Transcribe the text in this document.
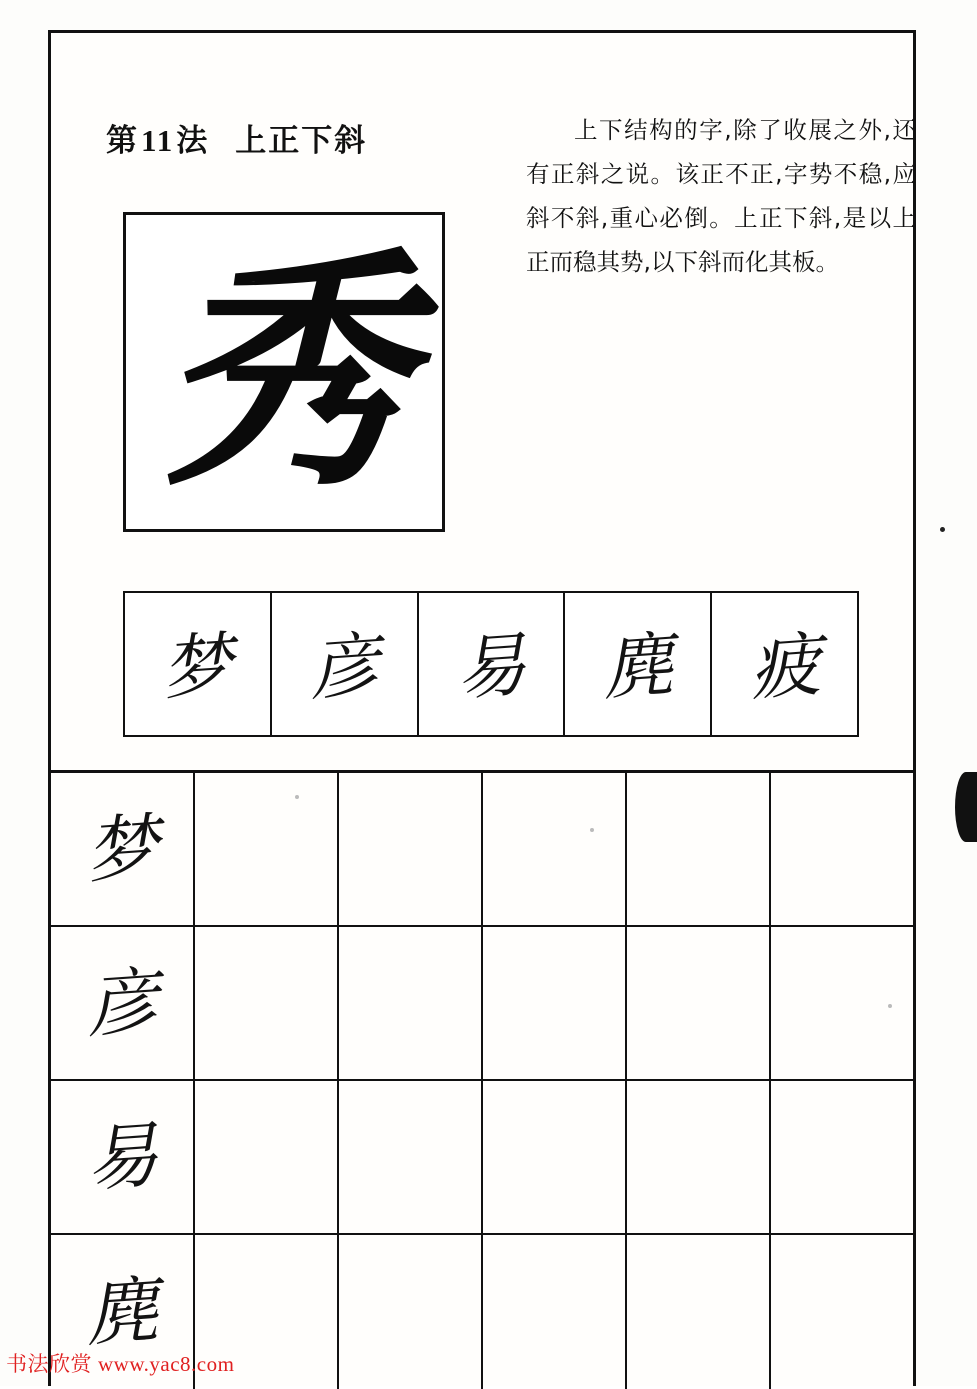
第11法 上正下斜	上下结构的字,除了收展之外,还有正斜之说。该正不正,字势不稳,应斜不斜,重心必倒。上正下斜,是以上正而稳其势,以下斜而化其板。
秀
梦 彦 易 麂 疲
梦
彦
易
麂
书法欣赏 www.yac8.com
